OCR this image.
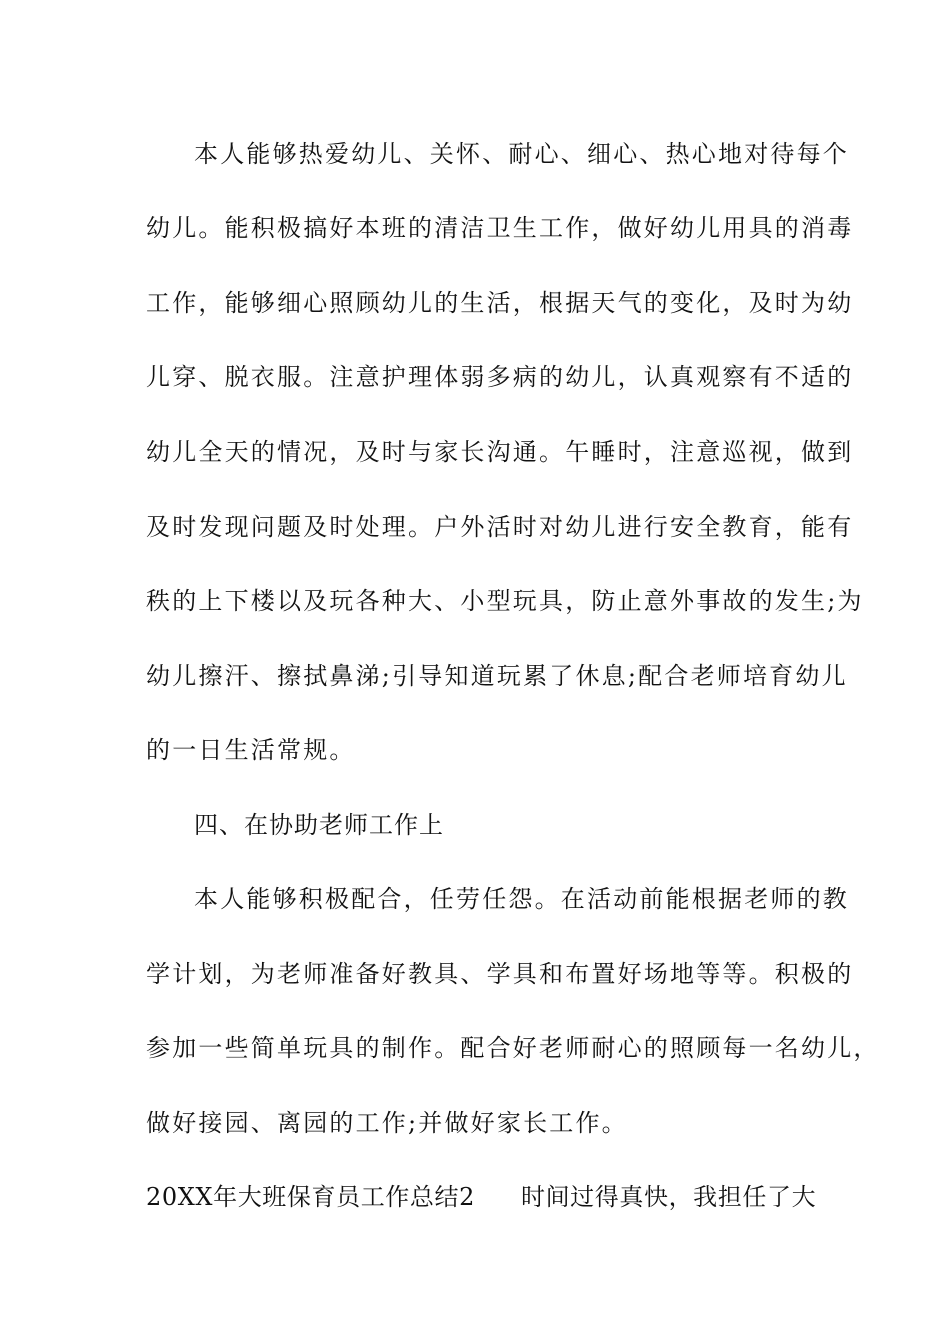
本人能够热爱幼儿、关怀、耐心、细心、热心地对待每个
幼儿。能积极搞好本班的清洁卫生工作，做好幼儿用具的消毒
工作，能够细心照顾幼儿的生活，根据天气的变化，及时为幼
儿穿、脱衣服。注意护理体弱多病的幼儿，认真观察有不适的
幼儿全天的情况，及时与家长沟通。午睡时，注意巡视，做到
及时发现问题及时处理。户外活时对幼儿进行安全教育，能有
秩的上下楼以及玩各种大、小型玩具，防止意外事故的发生;为
幼儿擦汗、擦拭鼻涕;引导知道玩累了休息;配合老师培育幼儿
的一日生活常规。
四、在协助老师工作上
本人能够积极配合，任劳任怨。在活动前能根据老师的教
学计划，为老师准备好教具、学具和布置好场地等等。积极的
参加一些简单玩具的制作。配合好老师耐心的照顾每一名幼儿，
做好接园、离园的工作;并做好家长工作。
20XX年大班保育员工作总结2 时间过得真快，我担任了大
